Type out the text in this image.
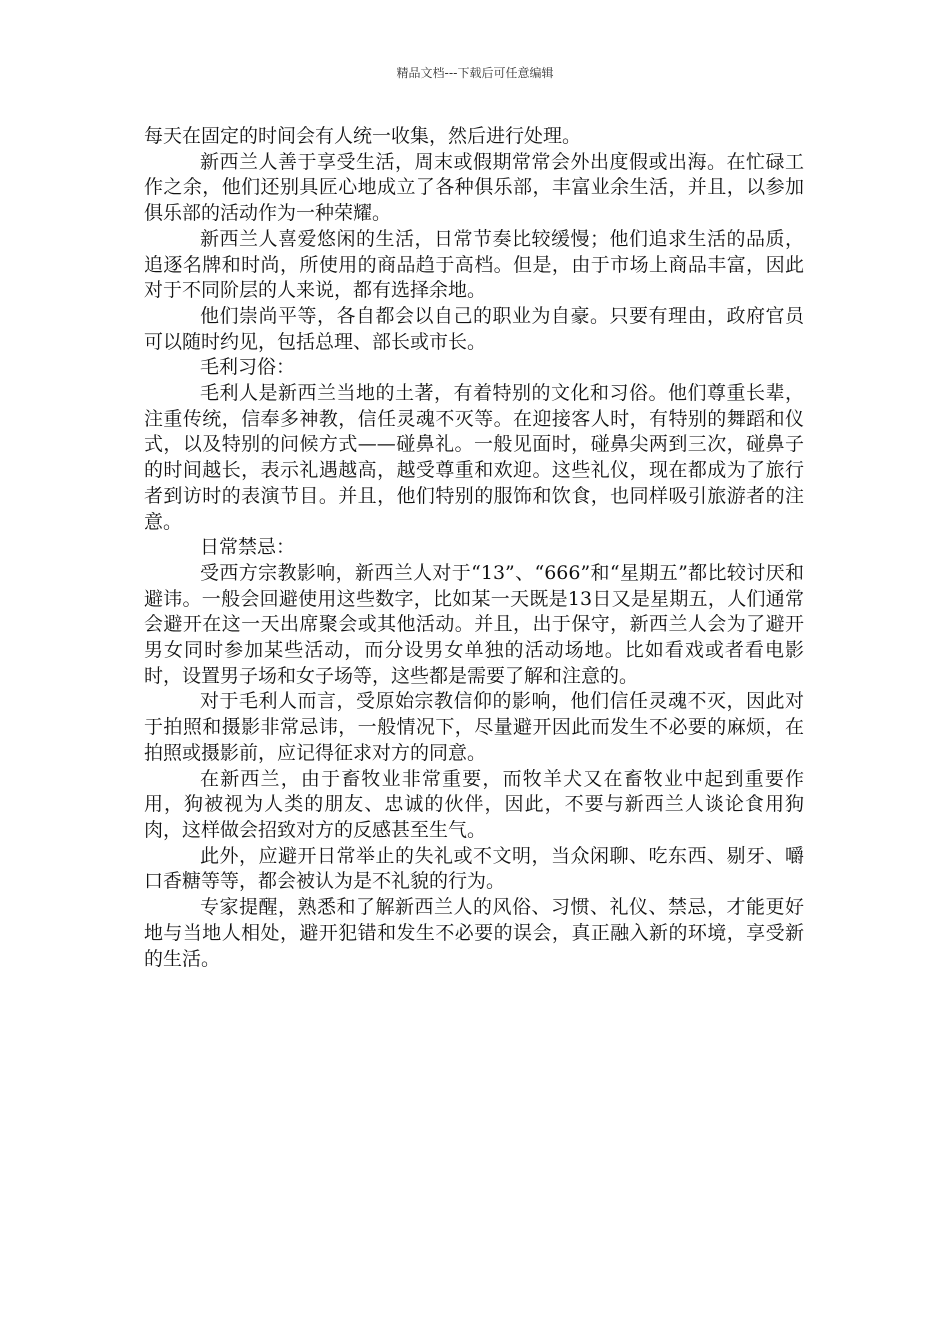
精品文档---下载后可任意编辑

每天在固定的时间会有人统一收集，然后进行处理。

新西兰人善于享受生活，周末或假期常常会外出度假或出海。在忙碌工作之余，他们还别具匠心地成立了各种俱乐部，丰富业余生活，并且，以参加俱乐部的活动作为一种荣耀。

新西兰人喜爱悠闲的生活，日常节奏比较缓慢；他们追求生活的品质，追逐名牌和时尚，所使用的商品趋于高档。但是，由于市场上商品丰富，因此对于不同阶层的人来说，都有选择余地。

他们崇尚平等，各自都会以自己的职业为自豪。只要有理由，政府官员可以随时约见，包括总理、部长或市长。

毛利习俗：

毛利人是新西兰当地的土著，有着特别的文化和习俗。他们尊重长辈，注重传统，信奉多神教，信任灵魂不灭等。在迎接客人时，有特别的舞蹈和仪式，以及特别的问候方式——碰鼻礼。一般见面时，碰鼻尖两到三次，碰鼻子的时间越长，表示礼遇越高，越受尊重和欢迎。这些礼仪，现在都成为了旅行者到访时的表演节目。并且，他们特别的服饰和饮食，也同样吸引旅游者的注意。

日常禁忌：

受西方宗教影响，新西兰人对于“13”、“666”和“星期五”都比较讨厌和避讳。一般会回避使用这些数字，比如某一天既是13日又是星期五，人们通常会避开在这一天出席聚会或其他活动。并且，出于保守，新西兰人会为了避开男女同时参加某些活动，而分设男女单独的活动场地。比如看戏或者看电影时，设置男子场和女子场等，这些都是需要了解和注意的。

对于毛利人而言，受原始宗教信仰的影响，他们信任灵魂不灭，因此对于拍照和摄影非常忌讳，一般情况下，尽量避开因此而发生不必要的麻烦，在拍照或摄影前，应记得征求对方的同意。

在新西兰，由于畜牧业非常重要，而牧羊犬又在畜牧业中起到重要作用，狗被视为人类的朋友、忠诚的伙伴，因此，不要与新西兰人谈论食用狗肉，这样做会招致对方的反感甚至生气。

此外，应避开日常举止的失礼或不文明，当众闲聊、吃东西、剔牙、嚼口香糖等等，都会被认为是不礼貌的行为。

专家提醒，熟悉和了解新西兰人的风俗、习惯、礼仪、禁忌，才能更好地与当地人相处，避开犯错和发生不必要的误会，真正融入新的环境，享受新的生活。
